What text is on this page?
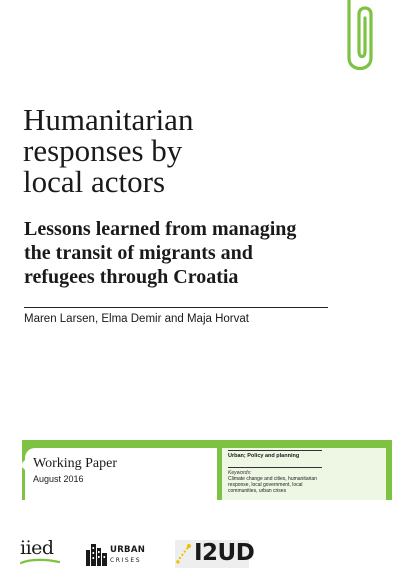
Humanitarian
responses by
local actors
Lessons learned from managing
the transit of migrants and
refugees through Croatia
Maren Larsen, Elma Demir and Maja Horvat
Working Paper
August 2016
Urban; Policy and planning
Keywords:
Climate change and cities, humanitarian response, local government, local communities, urban crises
iied	URBAN
CRISES I2UD
